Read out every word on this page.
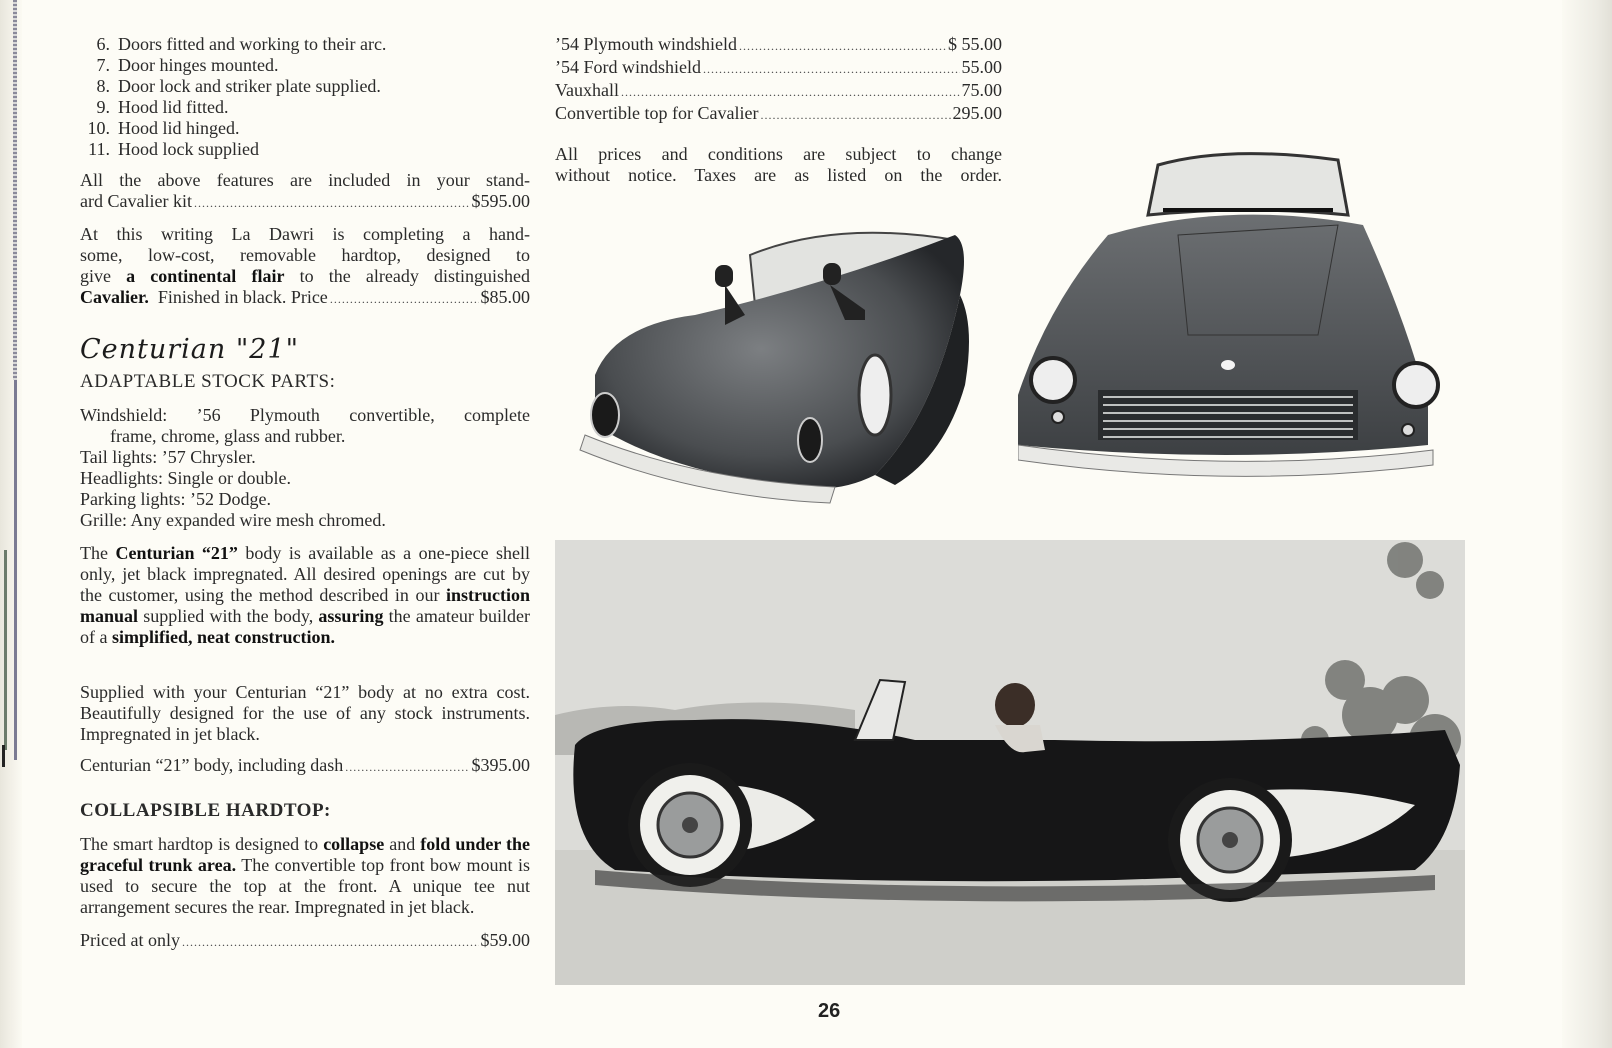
6. Doors fitted and working to their arc.
7. Door hinges mounted.
8. Door lock and striker plate supplied.
9. Hood lid fitted.
10. Hood lid hinged.
11. Hood lock supplied

All the above features are included in your stand-

ard Cavalier kit .....	$595.00

At this writing La Dawri is completing a hand-

some, low-cost, removable hardtop, designed to

give a continental flair to the already distinguished

Cavalier. Finished in black. Price .....	$85.00
Centurian "21"
ADAPTABLE STOCK PARTS:

Windshield: ’56 Plymouth convertible, complete

frame, chrome, glass and rubber.

Tail lights: ’57 Chrysler.

Headlights: Single or double.

Parking lights: ’52 Dodge.

Grille: Any expanded wire mesh chromed.

The Centurian “21” body is available as a one-piece shell only, jet black impregnated. All desired openings are cut by the customer, using the method described in our instruction manual supplied with the body, assuring the amateur builder of a simplified, neat construction.

Supplied with your Centurian “21” body at no extra cost. Beautifully designed for the use of any stock instruments. Impregnated in jet black.

Centurian “21” body, including dash .....	$395.00
COLLAPSIBLE HARDTOP:

The smart hardtop is designed to collapse and fold under the graceful trunk area. The convertible top front bow mount is used to secure the top at the front. A unique tee nut arrangement secures the rear. Impregnated in jet black.

Priced at only .....	$59.00
’54 Plymouth windshield .....	$ 55.00
’54 Ford windshield .....	55.00
Vauxhall .....	75.00
Convertible top for Cavalier .....	295.00

All prices and conditions are subject to change

without notice. Taxes are as listed on the order.

26
